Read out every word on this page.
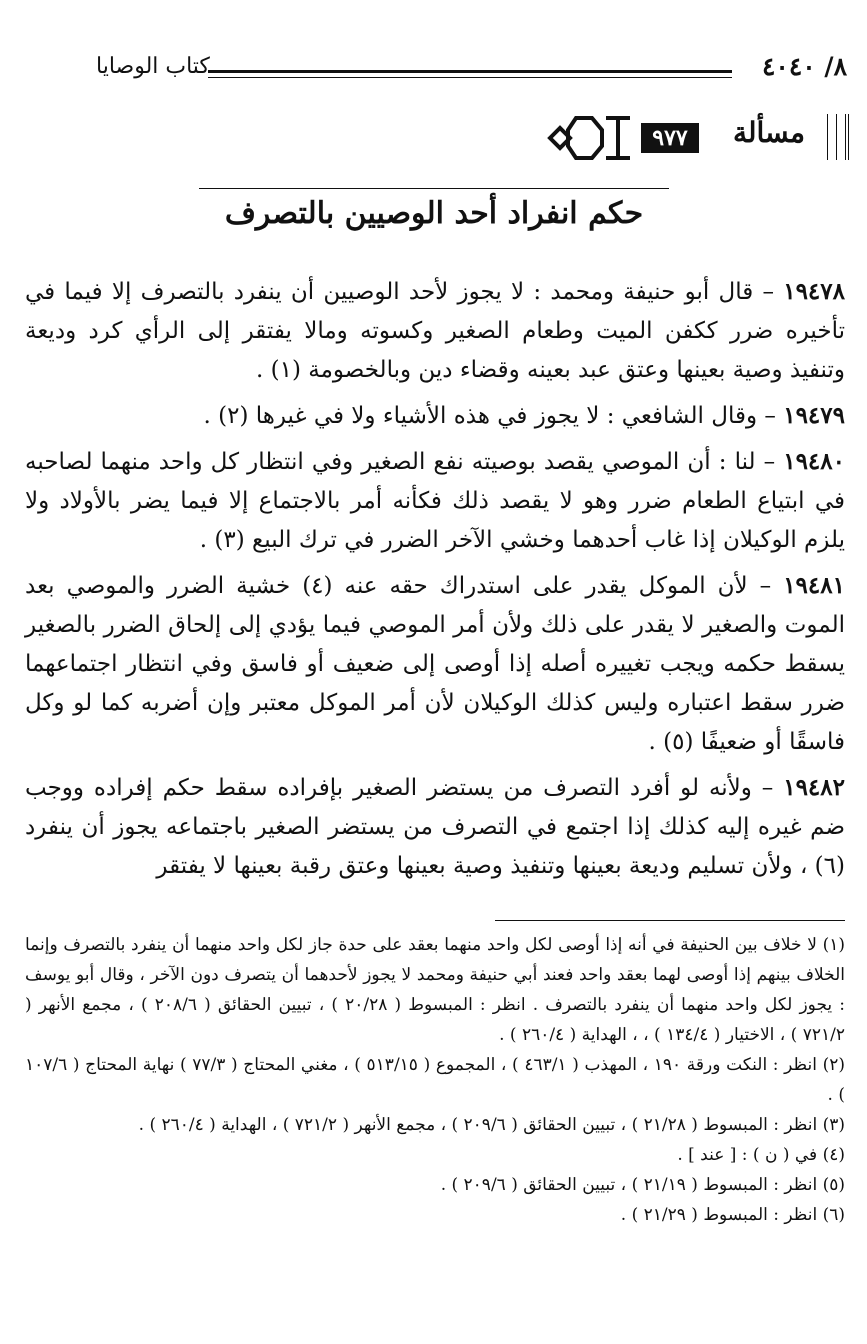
٨/ ٤٠٤٠
كتاب الوصايا
مسألة
٩٧٧
حكم انفراد أحد الوصيين بالتصرف

١٩٤٧٨ – قال أبو حنيفة ومحمد : لا يجوز لأحد الوصيين أن ينفرد بالتصرف إلا فيما في تأخيره ضرر ككفن الميت وطعام الصغير وكسوته ومالا يفتقر إلى الرأي كرد وديعة وتنفيذ وصية بعينها وعتق عبد بعينه وقضاء دين وبالخصومة (١) .

١٩٤٧٩ – وقال الشافعي : لا يجوز في هذه الأشياء ولا في غيرها (٢) .

١٩٤٨٠ – لنا : أن الموصي يقصد بوصيته نفع الصغير وفي انتظار كل واحد منهما لصاحبه في ابتياع الطعام ضرر وهو لا يقصد ذلك فكأنه أمر بالاجتماع إلا فيما يضر بالأولاد ولا يلزم الوكيلان إذا غاب أحدهما وخشي الآخر الضرر في ترك البيع (٣) .

١٩٤٨١ – لأن الموكل يقدر على استدراك حقه عنه (٤) خشية الضرر والموصي بعد الموت والصغير لا يقدر على ذلك ولأن أمر الموصي فيما يؤدي إلى إلحاق الضرر بالصغير يسقط حكمه ويجب تغييره أصله إذا أوصى إلى ضعيف أو فاسق وفي انتظار اجتماعهما ضرر سقط اعتباره وليس كذلك الوكيلان لأن أمر الموكل معتبر وإن أضربه كما لو وكل فاسقًا أو ضعيفًا (٥) .

١٩٤٨٢ – ولأنه لو أفرد التصرف من يستضر الصغير بإفراده سقط حكم إفراده ووجب ضم غيره إليه كذلك إذا اجتمع في التصرف من يستضر الصغير باجتماعه يجوز أن ينفرد (٦) ، ولأن تسليم وديعة بعينها وتنفيذ وصية بعينها وعتق رقبة بعينها لا يفتقر

(١) لا خلاف بين الحنيفة في أنه إذا أوصى لكل واحد منهما بعقد على حدة جاز لكل واحد منهما أن ينفرد بالتصرف وإنما الخلاف بينهم إذا أوصى لهما بعقد واحد فعند أبي حنيفة ومحمد لا يجوز لأحدهما أن يتصرف دون الآخر ، وقال أبو يوسف : يجوز لكل واحد منهما أن ينفرد بالتصرف . انظر : المبسوط ( ٢٠/٢٨ ) ، تبيين الحقائق ( ٢٠٨/٦ ) ، مجمع الأنهر ( ٧٢١/٢ ) ، الاختيار ( ١٣٤/٤ ) ، ، الهداية ( ٢٦٠/٤ ) .

(٢) انظر : النكت ورقة ١٩٠ ، المهذب ( ٤٦٣/١ ) ، المجموع ( ٥١٣/١٥ ) ، مغني المحتاج ( ٧٧/٣ ) نهاية المحتاج ( ١٠٧/٦ ) .

(٣) انظر : المبسوط ( ٢١/٢٨ ) ، تبيين الحقائق ( ٢٠٩/٦ ) ، مجمع الأنهر ( ٧٢١/٢ ) ، الهداية ( ٢٦٠/٤ ) .

(٤) في ( ن ) : [ عند ] .

(٥) انظر : المبسوط ( ٢١/١٩ ) ، تبيين الحقائق ( ٢٠٩/٦ ) .

(٦) انظر : المبسوط ( ٢١/٢٩ ) .
